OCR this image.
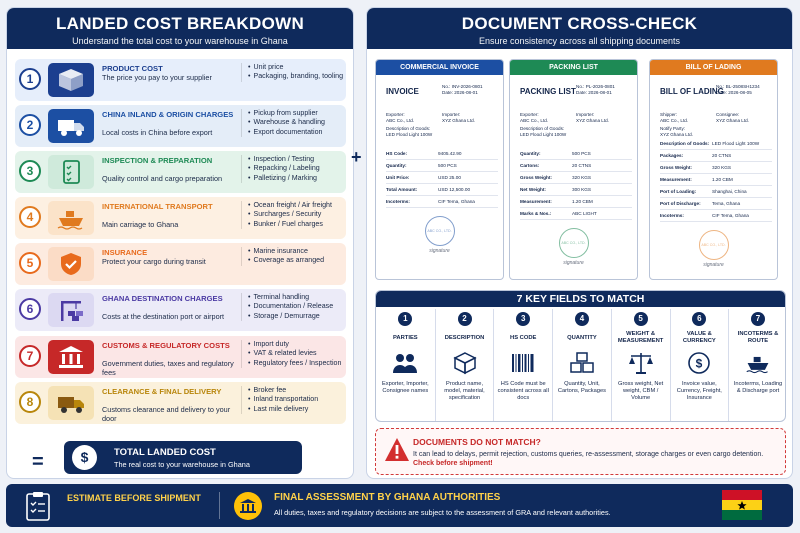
LANDED COST BREAKDOWN
Understand the total cost to your warehouse in Ghana
1
PRODUCT COST
The price you pay to your supplier
• Unit price
• Packaging, branding, tooling
2
CHINA INLAND & ORIGIN CHARGES
Local costs in China before export
• Pickup from supplier
• Warehouse & handling
• Export documentation
3
INSPECTION & PREPARATION
Quality control and cargo preparation
• Inspection / Testing
• Repacking / Labeling
• Palletizing / Marking
4
INTERNATIONAL TRANSPORT
Main carriage to Ghana
• Ocean freight / Air freight
• Surcharges / Security
• Bunker / Fuel charges
5
INSURANCE
Protect your cargo during transit
• Marine insurance
• Coverage as arranged
6
GHANA DESTINATION CHARGES
Costs at the destination port or airport
• Terminal handling
• Documentation / Release
• Storage / Demurrage
7
CUSTOMS & REGULATORY COSTS
Government duties, taxes and regulatory fees
• Import duty
• VAT & related levies
• Regulatory fees / Inspection
8
CLEARANCE & FINAL DELIVERY
Customs clearance and delivery to your door
• Broker fee
• Inland transportation
• Last mile delivery
=	$	TOTAL LANDED COST
The real cost to your warehouse in Ghana
+
DOCUMENT CROSS-CHECK
Ensure consistency across all shipping documents
COMMERCIAL INVOICE
INVOICE
No.: INV-2026-0801
Date: 2026-08-01
Exporter:
ABC Co., Ltd.
Importer:
XYZ Ghana Ltd.
Description of Goods:
LED Flood Light 100W
HS Code:	9405.42.90
Quantity:	500 PCS
Unit Price:	USD 25.00
Total Amount:	USD 12,500.00
Incoterms:	CIF Tema, Ghana
ABC CO., LTD.
signature
PACKING LIST
PACKING LIST
No.: PL-2026-0801
Date: 2026-08-01
Exporter:
ABC Co., Ltd.
Importer:
XYZ Ghana Ltd.
Description of Goods:
LED Flood Light 100W
Quantity:	500 PCS
Cartons:	20 CTNS
Gross Weight:	320 KGS
Net Weight:	300 KGS
Measurement:	1.20 CBM
Marks & Nos.:	ABC LIGHT
ABC CO., LTD.
signature
BILL OF LADING
BILL OF LADING
No.: BL-2508SH1234
Date: 2026-08-05
Shipper:
ABC Co., Ltd.
Consignee:
XYZ Ghana Ltd.
Notify Party:
XYZ Ghana Ltd.
Description of Goods: LED Flood Light 100W
Packages:	20 CTNS
Gross Weight:	320 KGS
Measurement:	1.20 CBM
Port of Loading:	Shanghai, China
Port of Discharge:	Tema, Ghana
Incoterms:	CIF Tema, Ghana
ABC CO., LTD.
signature
7 KEY FIELDS TO MATCH
1
PARTIES
Exporter, Importer, Consignee names
2
DESCRIPTION
Product name, model, material, specification
3
HS CODE
HS Code must be consistent across all docs
4
QUANTITY
Quantity, Unit, Cartons, Packages
5
WEIGHT & MEASUREMENT
Gross weight, Net weight, CBM / Volume
6
VALUE & CURRENCY
$
Invoice value, Currency, Freight, Insurance
7
INCOTERMS & ROUTE
Incoterms, Loading & Discharge port
DOCUMENTS DO NOT MATCH?
It can lead to delays, permit rejection, customs queries, re-assessment, storage charges or even cargo detention. Check before shipment!
ESTIMATE BEFORE SHIPMENT	FINAL ASSESSMENT BY GHANA AUTHORITIES
All duties, taxes and regulatory decisions are subject to the assessment of GRA and relevant authorities.
